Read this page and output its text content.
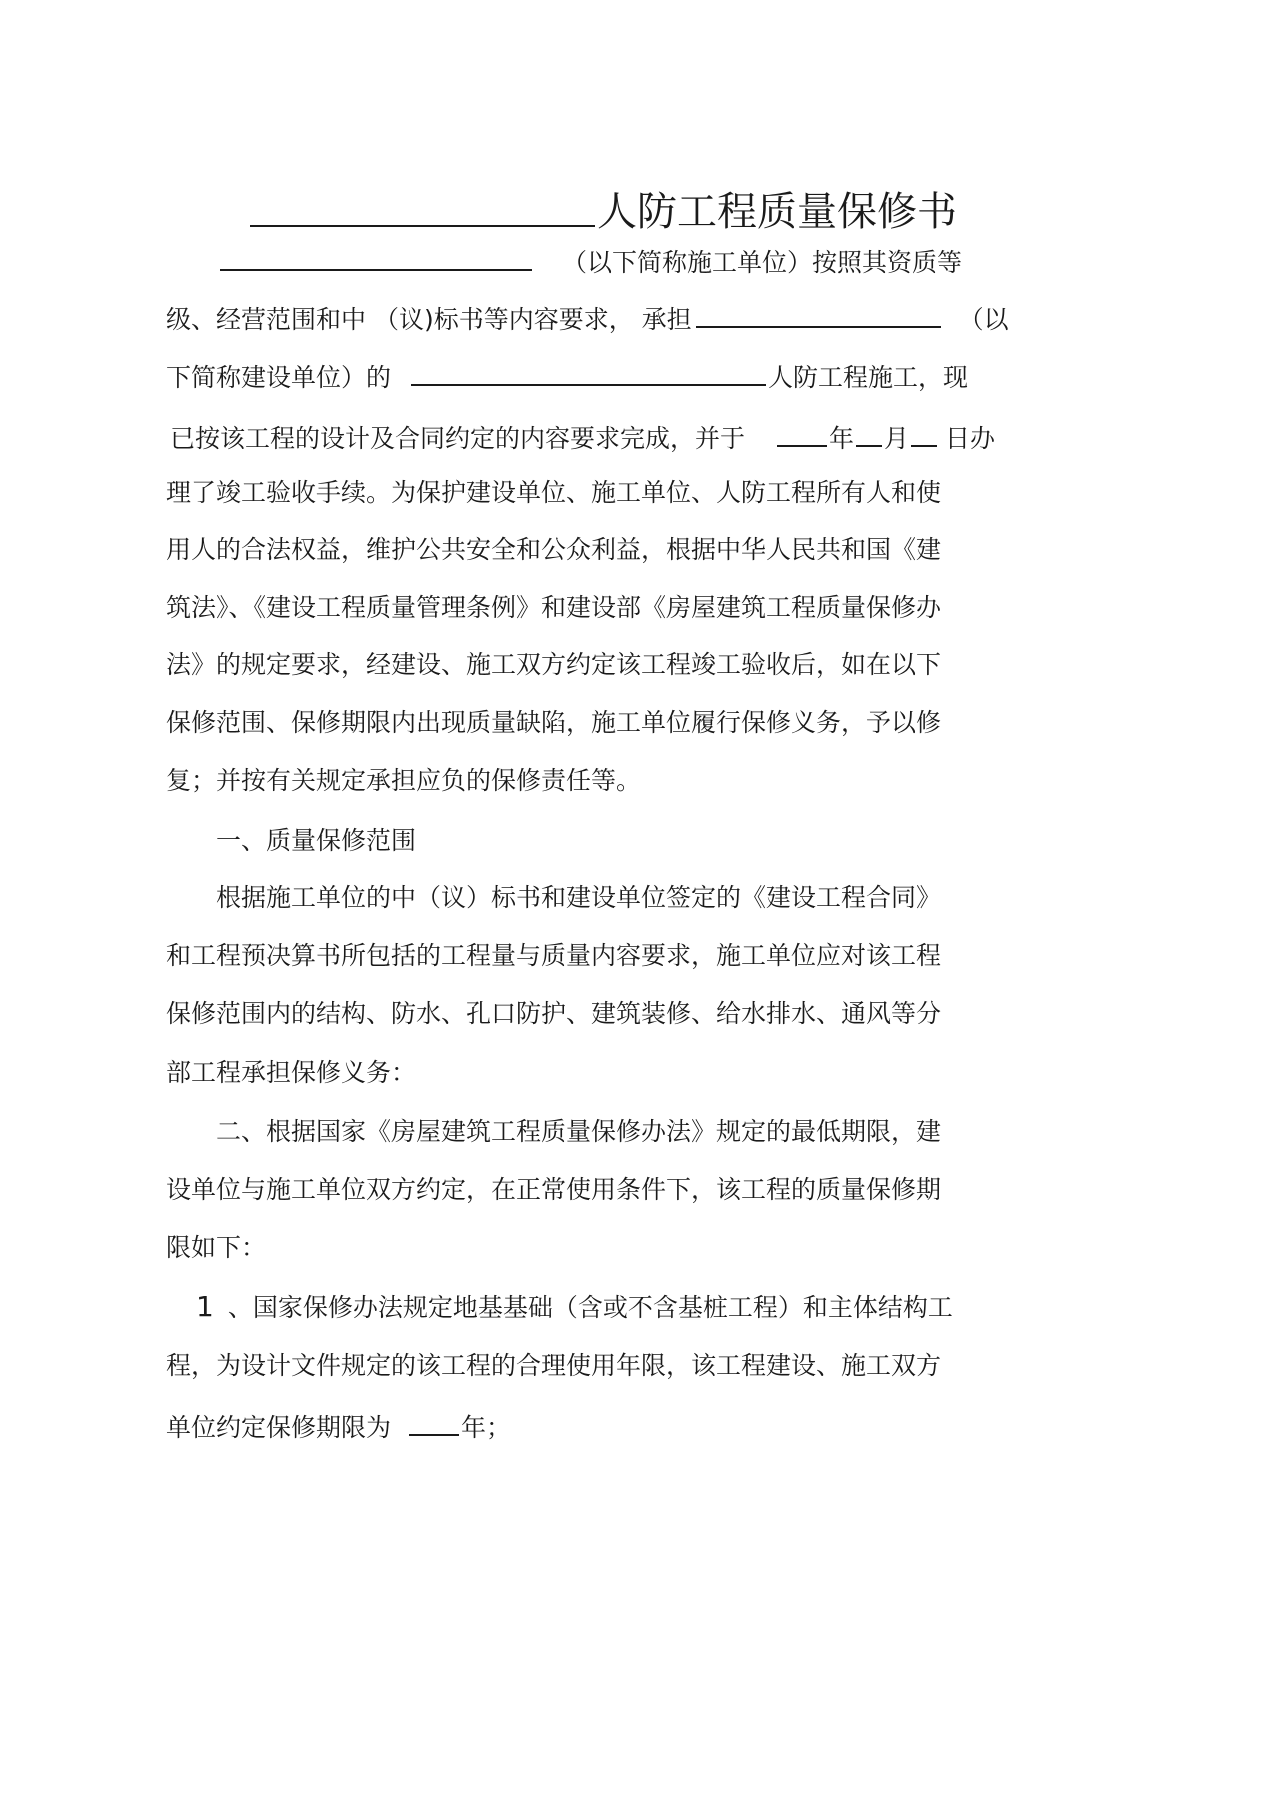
人防工程质量保修书
（以下简称施工单位）按照其资质等
级、经营范围和中 （议)标书等内容要求， 承担	（以
下简称建设单位）的	人防工程施工，现
已按该工程的设计及合同约定的内容要求完成，并于	年 月 日办
理了竣工验收手续。为保护建设单位、施工单位、人防工程所有人和使
用人的合法权益，维护公共安全和公众利益，根据中华人民共和国《建
筑法》、《建设工程质量管理条例》和建设部《房屋建筑工程质量保修办
法》的规定要求，经建设、施工双方约定该工程竣工验收后，如在以下
保修范围、保修期限内出现质量缺陷，施工单位履行保修义务，予以修
复；并按有关规定承担应负的保修责任等。
一、质量保修范围
根据施工单位的中（议）标书和建设单位签定的《建设工程合同》
和工程预决算书所包括的工程量与质量内容要求，施工单位应对该工程
保修范围内的结构、防水、孔口防护、建筑装修、给水排水、通风等分
部工程承担保修义务：
二、根据国家《房屋建筑工程质量保修办法》规定的最低期限，建
设单位与施工单位双方约定，在正常使用条件下，该工程的质量保修期
限如下：
1 、国家保修办法规定地基基础（含或不含基桩工程）和主体结构工
程，为设计文件规定的该工程的合理使用年限，该工程建设、施工双方
单位约定保修期限为	年；
